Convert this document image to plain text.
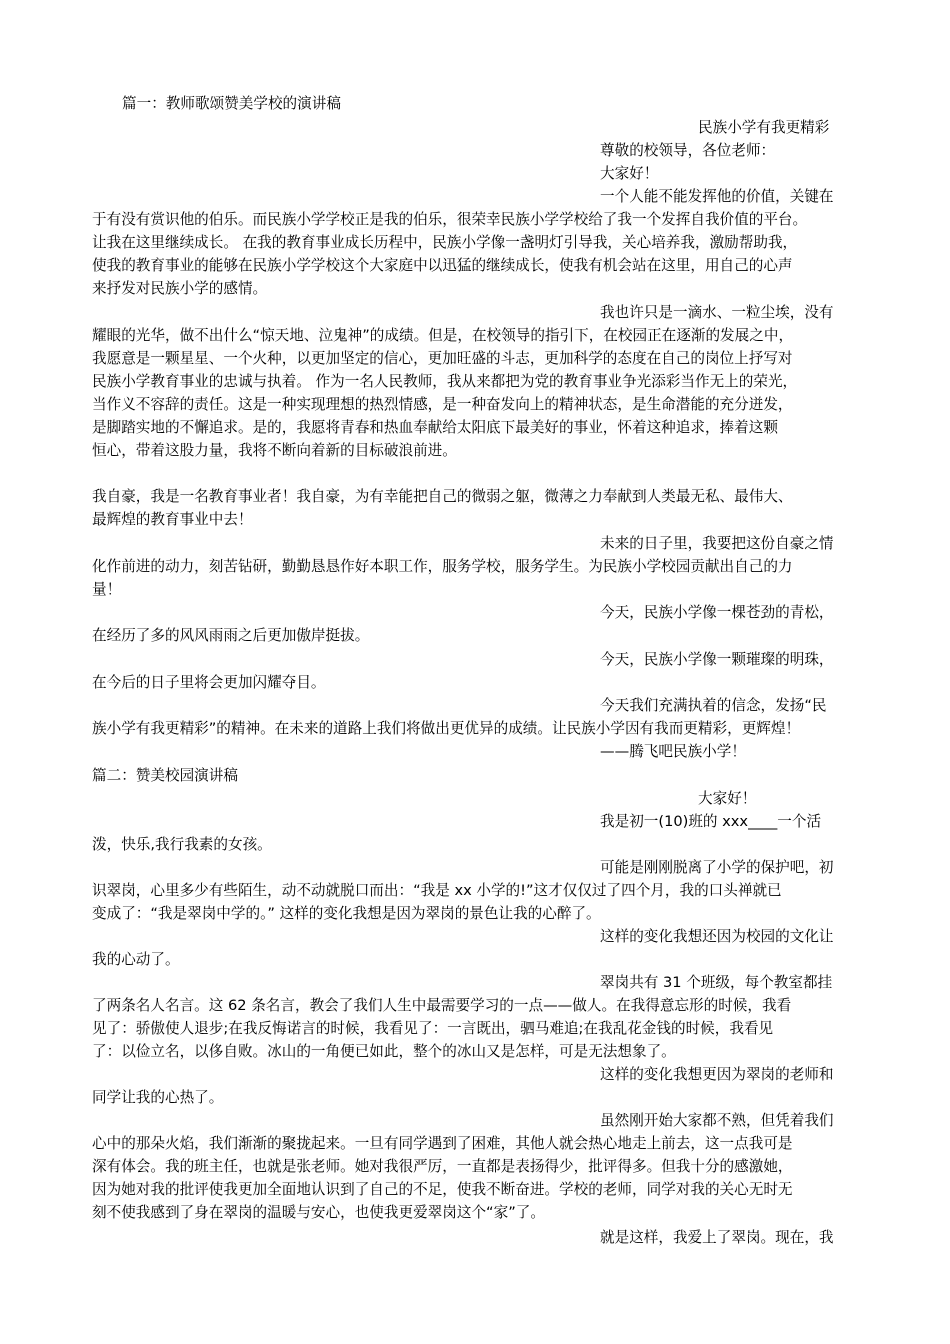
篇一：教师歌颂赞美学校的演讲稿
民族小学有我更精彩
尊敬的校领导，各位老师：
大家好！
一个人能不能发挥他的价值，关键在
于有没有赏识他的伯乐。而民族小学学校正是我的伯乐，很荣幸民族小学学校给了我一个发挥自我价值的平台。
让我在这里继续成长。 在我的教育事业成长历程中，民族小学像一盏明灯引导我，关心培养我，激励帮助我，
使我的教育事业的能够在民族小学学校这个大家庭中以迅猛的继续成长，使我有机会站在这里，用自己的心声
来抒发对民族小学的感情。
我也许只是一滴水、一粒尘埃，没有
耀眼的光华，做不出什么“惊天地、泣鬼神”的成绩。但是，在校领导的指引下，在校园正在逐渐的发展之中，
我愿意是一颗星星、一个火种，以更加坚定的信心，更加旺盛的斗志，更加科学的态度在自己的岗位上抒写对
民族小学教育事业的忠诚与执着。 作为一名人民教师，我从来都把为党的教育事业争光添彩当作无上的荣光，
当作义不容辞的责任。这是一种实现理想的热烈情感，是一种奋发向上的精神状态，是生命潜能的充分迸发，
是脚踏实地的不懈追求。是的，我愿将青春和热血奉献给太阳底下最美好的事业，怀着这种追求，捧着这颗
恒心，带着这股力量，我将不断向着新的目标破浪前进。
我自豪，我是一名教育事业者！我自豪，为有幸能把自己的微弱之躯，微薄之力奉献到人类最无私、最伟大、
最辉煌的教育事业中去！
未来的日子里，我要把这份自豪之情
化作前进的动力，刻苦钻研，勤勤恳恳作好本职工作，服务学校，服务学生。为民族小学校园贡献出自己的力
量！
今天，民族小学像一棵苍劲的青松，
在经历了多的风风雨雨之后更加傲岸挺拔。
今天，民族小学像一颗璀璨的明珠，
在今后的日子里将会更加闪耀夺目。
今天我们充满执着的信念，发扬“民
族小学有我更精彩”的精神。在未来的道路上我们将做出更优异的成绩。让民族小学因有我而更精彩，更辉煌！
——腾飞吧民族小学！
篇二：赞美校园演讲稿
大家好！
我是初一(10)班的 xxx____一个活
泼，快乐,我行我素的女孩。
可能是刚刚脱离了小学的保护吧，初
识翠岗，心里多少有些陌生，动不动就脱口而出：“我是 xx 小学的!”这才仅仅过了四个月，我的口头禅就已
变成了：“我是翠岗中学的。” 这样的变化我想是因为翠岗的景色让我的心醉了。
这样的变化我想还因为校园的文化让
我的心动了。
翠岗共有 31 个班级，每个教室都挂
了两条名人名言。这 62 条名言，教会了我们人生中最需要学习的一点——做人。在我得意忘形的时候，我看
见了：骄傲使人退步;在我反悔诺言的时候，我看见了：一言既出，驷马难追;在我乱花金钱的时候，我看见
了：以俭立名，以侈自败。冰山的一角便已如此，整个的冰山又是怎样，可是无法想象了。
这样的变化我想更因为翠岗的老师和
同学让我的心热了。
虽然刚开始大家都不熟，但凭着我们
心中的那朵火焰，我们渐渐的聚拢起来。一旦有同学遇到了困难，其他人就会热心地走上前去，这一点我可是
深有体会。我的班主任，也就是张老师。她对我很严厉，一直都是表扬得少，批评得多。但我十分的感激她，
因为她对我的批评使我更加全面地认识到了自己的不足，使我不断奋进。学校的老师，同学对我的关心无时无
刻不使我感到了身在翠岗的温暖与安心，也使我更爱翠岗这个“家”了。
就是这样，我爱上了翠岗。现在，我
